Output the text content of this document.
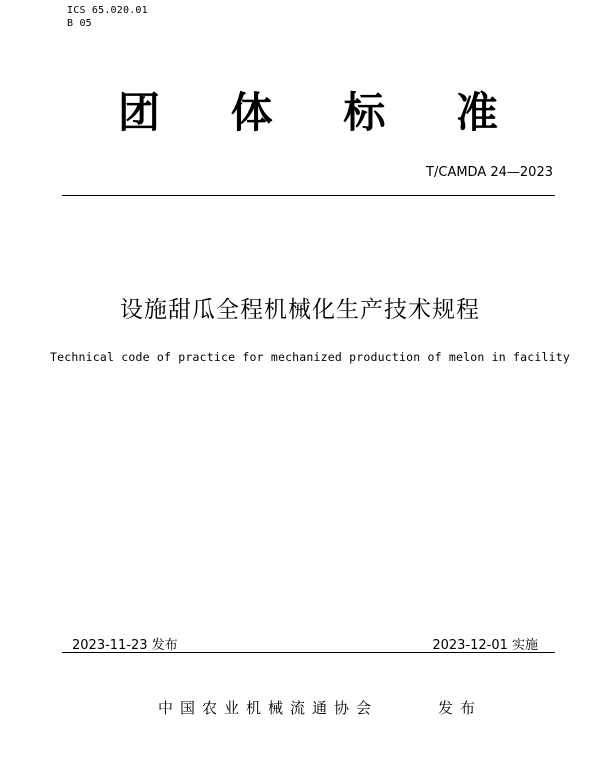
ICS 65.020.01
B 05
团 体 标 准
T/CAMDA 24—2023
设施甜瓜全程机械化生产技术规程
Technical code of practice for mechanized production of melon in facility
2023-11-23 发布	2023-12-01 实施
中国农业机械流通协会	发布
